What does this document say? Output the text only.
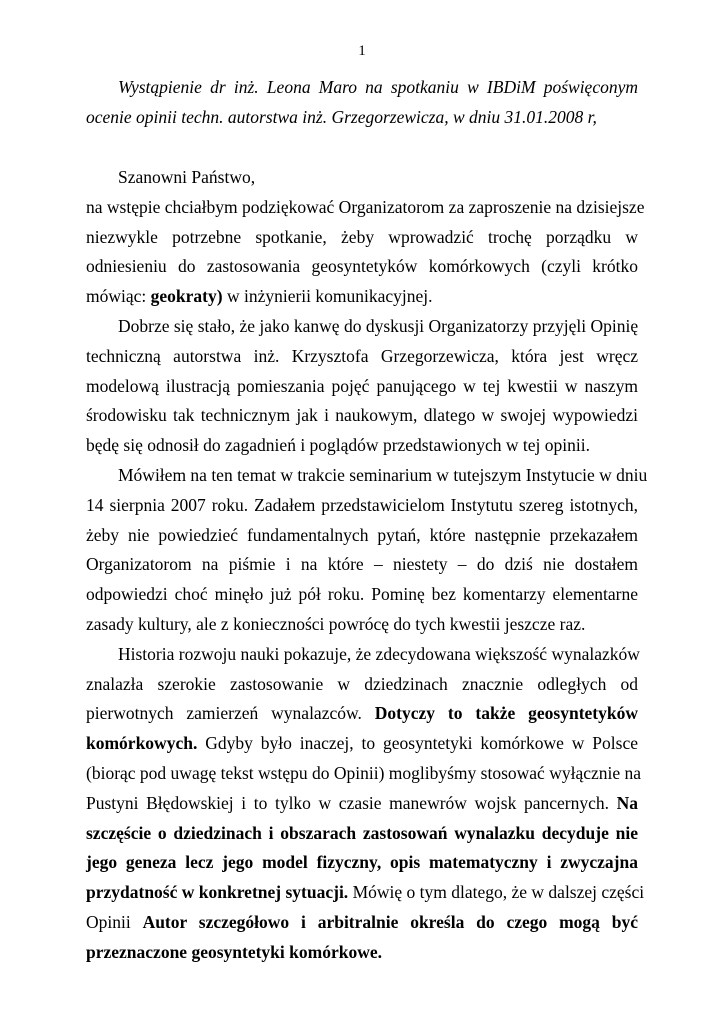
1
Wystąpienie dr inż. Leona Maro na spotkaniu w IBDiM poświęconym
ocenie opinii techn. autorstwa inż. Grzegorzewicza, w dniu 31.01.2008 r,
Szanowni Państwo,
na wstępie chciałbym podziękować Organizatorom za zaproszenie na dzisiejsze
niezwykle potrzebne spotkanie, żeby wprowadzić trochę porządku w
odniesieniu do zastosowania geosyntetyków komórkowych (czyli krótko
mówiąc: geokraty) w inżynierii komunikacyjnej.
Dobrze się stało, że jako kanwę do dyskusji Organizatorzy przyjęli Opinię
techniczną autorstwa inż. Krzysztofa Grzegorzewicza, która jest wręcz
modelową ilustracją pomieszania pojęć panującego w tej kwestii w naszym
środowisku tak technicznym jak i naukowym, dlatego w swojej wypowiedzi
będę się odnosił do zagadnień i poglądów przedstawionych w tej opinii.
Mówiłem na ten temat w trakcie seminarium w tutejszym Instytucie w dniu
14 sierpnia 2007 roku. Zadałem przedstawicielom Instytutu szereg istotnych,
żeby nie powiedzieć fundamentalnych pytań, które następnie przekazałem
Organizatorom na piśmie i na które – niestety – do dziś nie dostałem
odpowiedzi choć minęło już pół roku. Pominę bez komentarzy elementarne
zasady kultury, ale z konieczności powrócę do tych kwestii jeszcze raz.
Historia rozwoju nauki pokazuje, że zdecydowana większość wynalazków
znalazła szerokie zastosowanie w dziedzinach znacznie odległych od
pierwotnych zamierzeń wynalazców. Dotyczy to także geosyntetyków
komórkowych. Gdyby było inaczej, to geosyntetyki komórkowe w Polsce
(biorąc pod uwagę tekst wstępu do Opinii) moglibyśmy stosować wyłącznie na
Pustyni Błędowskiej i to tylko w czasie manewrów wojsk pancernych. Na
szczęście o dziedzinach i obszarach zastosowań wynalazku decyduje nie
jego geneza lecz jego model fizyczny, opis matematyczny i zwyczajna
przydatność w konkretnej sytuacji. Mówię o tym dlatego, że w dalszej części
Opinii Autor szczegółowo i arbitralnie określa do czego mogą być
przeznaczone geosyntetyki komórkowe.
